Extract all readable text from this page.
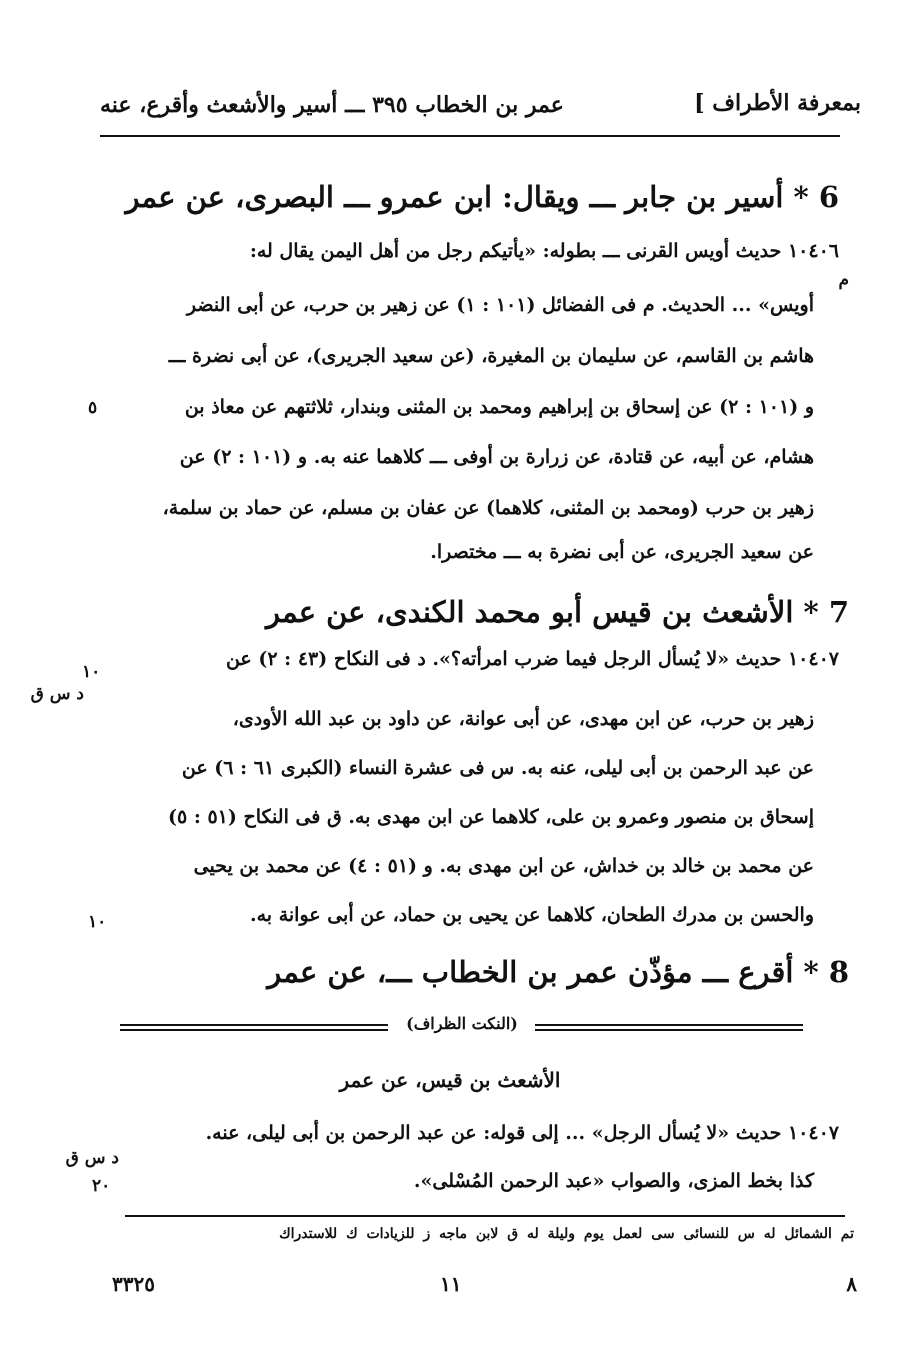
بمعرفة الأطراف ]
عمر بن الخطاب ٣٩٥ ـــ أسير والأشعث وأقرع، عنه
6 * أسير بن جابر ـــ ويقال: ابن عمرو ـــ البصرى، عن عمر
م
٥
١٠٤٠٦ حديث أويس القرنى ـــ بطوله: «يأتيكم رجل من أهل اليمن يقال له:
أويس» ... الحديث. م فى الفضائل (١٠١ : ١) عن زهير بن حرب، عن أبى النضر
هاشم بن القاسم، عن سليمان بن المغيرة، (عن سعيد الجريرى)، عن أبى نضرة ـــ
و (١٠١ : ٢) عن إسحاق بن إبراهيم ومحمد بن المثنى وبندار، ثلاثتهم عن معاذ بن
هشام، عن أبيه، عن قتادة، عن زرارة بن أوفى ـــ كلاهما عنه به. و (١٠١ : ٢) عن
زهير بن حرب (ومحمد بن المثنى، كلاهما) عن عفان بن مسلم، عن حماد بن سلمة،
عن سعيد الجريرى، عن أبى نضرة به ـــ مختصرا.
7 * الأشعث بن قيس أبو محمد الكندى، عن عمر
١٠
د س ق
١٠
١٠٤٠٧ حديث «لا يُسأل الرجل فيما ضرب امرأته؟». د فى النكاح (٤٣ : ٢) عن
زهير بن حرب، عن ابن مهدى، عن أبى عوانة، عن داود بن عبد الله الأودى،
عن عبد الرحمن بن أبى ليلى، عنه به. س فى عشرة النساء (الكبرى ٦١ : ٦) عن
إسحاق بن منصور وعمرو بن على، كلاهما عن ابن مهدى به. ق فى النكاح (٥١ : ٥)
عن محمد بن خالد بن خداش، عن ابن مهدى به. و (٥١ : ٤) عن محمد بن يحيى
والحسن بن مدرك الطحان، كلاهما عن يحيى بن حماد، عن أبى عوانة به.
8 * أقرع ـــ مؤذّن عمر بن الخطاب ـــ، عن عمر
(النكت الظراف)
الأشعث بن قيس، عن عمر
١٠٤٠٧ حديث «لا يُسأل الرجل» ... إلى قوله: عن عبد الرحمن بن أبى ليلى، عنه.
د س ق
كذا بخط المزى، والصواب «عبد الرحمن المُسْلى».
٢٠
تم الشمائل له س للنسائى سى لعمل يوم وليلة له ق لابن ماجه ز للزيادات ك للاستدراك
٨
١١
٣٣٢٥
